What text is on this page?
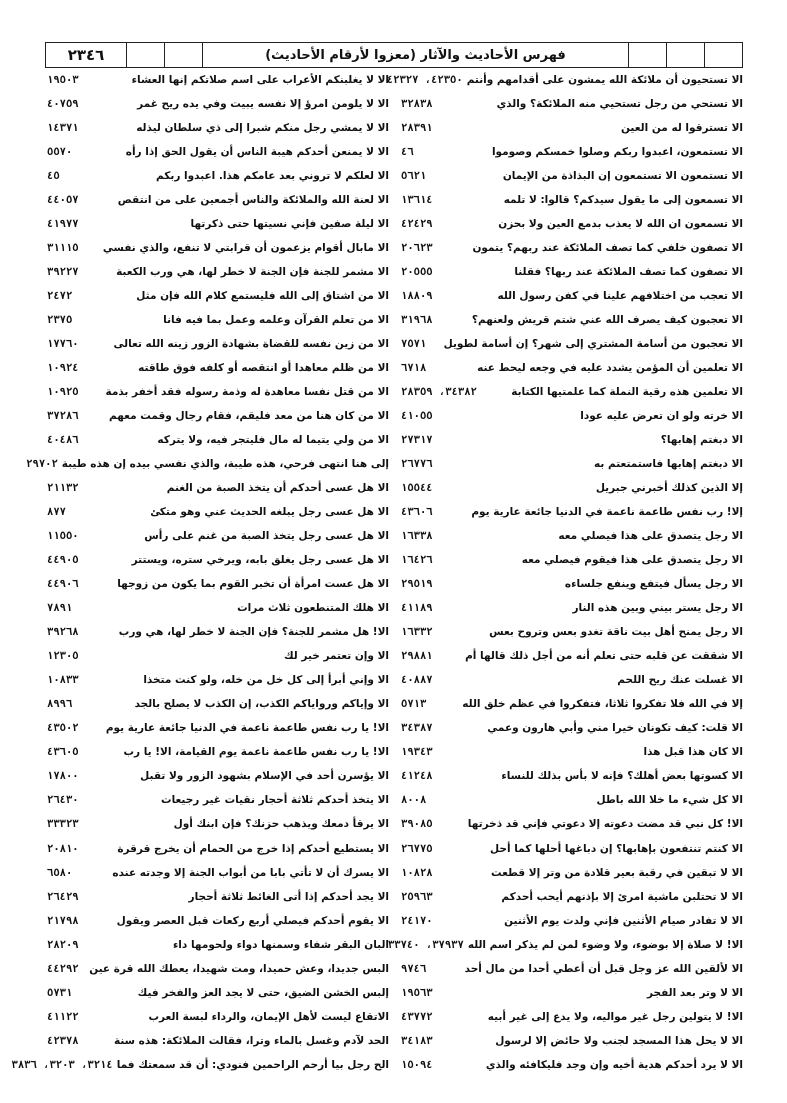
٢٣٤٦	فهرس الأحاديث والآثار (معزوا لأرقام الأحاديث)
الا تستحيون أن ملائكة الله يمشون على أقدامهم وأنتم
٤٢٣٥٠، ٤٢٣٢٧
الا تستحي من رجل تستحيي منه الملائكة؟ والذي
٣٢٨٣٨
الا تسترقوا له من العين
٢٨٣٩١
الا تستمعون، اعبدوا ربكم وصلوا خمسكم وصوموا
٤٦
الا تستمعون الا تستمعون إن البذاذة من الإيمان
٥٦٢١
الا تسمعون إلى ما يقول سيدكم؟ قالوا: لا تلمه
١٣٦١٤
الا تسمعون ان الله لا يعذب بدمع العين ولا بحزن
٤٢٤٢٩
الا تصفون خلفي كما تصف الملائكة عند ربهم؟ يتمون
٢٠٦٢٣
الا تصفون كما تصف الملائكة عند ربها؟ فقلنا
٢٠٥٥٥
الا تعجب من اختلافهم علينا في كفن رسول الله
١٨٨٠٩
الا تعجبون كيف يصرف الله عني شتم قريش ولعنهم؟
٣١٩٦٨
الا تعجبون من أسامة المشتري إلى شهر؟ إن أسامة لطويل
٧٥٧١
الا تعلمين أن المؤمن يشدد عليه في وجعه ليحط عنه
٦٧١٨
الا تعلمين هذه رقية النملة كما علمتيها الكتابة
٣٤٣٨٢، ٢٨٣٥٩
الا خرته ولو ان تعرض عليه عودا
٤١٠٥٥
الا دبغتم إهابها؟
٢٧٣١٧
الا دبغتم إهابها فاستمتعتم به
٢٦٧٧٦
إلا الذين كذلك أخبرني جبريل
١٥٥٤٤
إلا! رب نفس طاعمة ناعمة في الدنيا جائعة عارية يوم
٤٣٦٠٦
الا رجل يتصدق على هذا فيصلي معه
١٦٣٣٨
الا رجل يتصدق على هذا فيقوم فيصلي معه
١٦٤٢٦
الا رجل يسأل فيتفع وينفع جلساءه
٢٩٥١٩
الا رجل يستر بيني وبين هذه النار
٤١١٨٩
الا رجل يمنح أهل بيت ناقة تغدو بعس وتروح بعس
١٦٣٣٢
الا شققت عن قلبه حتى تعلم أنه من أجل ذلك قالها أم
٢٩٨٨١
الا غسلت عنك ريح اللحم
٤٠٨٨٧
إلا في الله فلا تفكروا ثلاثا، فتفكروا في عظم خلق الله
٥٧١٣
الا قلت: كيف تكونان خيرا مني وأبي هارون وعمي
٣٤٣٨٧
الا كان هذا قبل هذا
١٩٣٤٣
الا كسوتها بعض أهلك؟ فإنه لا بأس بذلك للنساء
٤١٢٤٨
الا كل شيء ما خلا الله باطل
٨٠٠٨
الا! كل نبي قد مضت دعوته إلا دعوتي فإني قد ذخرتها
٣٩٠٨٥
الا كنتم تنتفعون بإهابها؟ إن دباغها أحلها كما أحل
٢٦٧٧٥
الا لا تبقين في رقبة بعير قلادة من وتر إلا قطعت
١٠٨٢٨
الا لا تحتلبن ماشية امرئ إلا بإذنهم أيحب أحدكم
٢٥٩٦٣
الا لا تفادر صيام الأثنين فإني ولدت يوم الأثنين
٢٤١٧٠
الا! لا صلاة إلا بوضوء، ولا وضوء لمن لم يذكر اسم الله
٣٧٩٣٧، ٣٣٧٤٠
الا لألقين الله عز وجل قبل أن أعطي أحدا من مال أحد
٩٧٤٦
الا لا وتر بعد الفجر
١٩٥٦٣
الا! لا يتولين رجل غير مواليه، ولا يدع إلى غير أبيه
٤٣٧٧٢
الا لا يحل هذا المسجد لجنب ولا حائض إلا لرسول
٣٤١٨٣
الا لا يرد أحدكم هدية أخيه وإن وجد فليكافئه والذي
١٥٠٩٤
الا لا يغلبنكم الأعراب على اسم صلاتكم إنها العشاء
١٩٥٠٣
الا لا يلومن امرؤ إلا نفسه يبيت وفي يده ريح غمر
٤٠٧٥٩
الا لا يمشي رجل منكم شبرا إلى ذي سلطان ليذله
١٤٣٧١
الا لا يمنعن أحدكم هيبة الناس أن يقول الحق إذا رأه
٥٥٧٠
الا لعلكم لا تروني بعد عامكم هذا. اعبدوا ربكم
٤٥
الا لعنة الله والملائكة والناس أجمعين على من انتقص
٤٤٠٥٧
الا ليلة صفين فإني نسيتها حتى ذكرتها
٤١٩٧٧
الا مابال أقوام يزعمون أن قرابتي لا تنفع، والذي نفسي
٣١١١٥
الا مشمر للجنة فإن الجنة لا خطر لها، هي ورب الكعبة
٣٩٢٢٧
الا من اشتاق إلى الله فليستمع كلام الله فإن مثل
٢٤٧٢
الا من تعلم القرآن وعلمه وعمل بما فيه فانا
٢٣٧٥
الا من زين نفسه للقضاة بشهادة الزور زينه الله تعالى
١٧٧٦٠
الا من ظلم معاهدا أو انتقصه أو كلفه فوق طاقته
١٠٩٢٤
الا من قتل نفسا معاهدة له وذمة رسوله فقد أخفر بذمة
١٠٩٢٥
الا من كان هنا من معد فليقم، فقام رجال وقمت معهم
٣٧٢٨٦
الا من ولي يتيما له مال فليتجر فيه، ولا يتركه
٤٠٤٨٦
إلى هنا انتهى فرحي، هذه طيبة، والذي نفسي بيده إن هذه طيبة
٢٩٧٠٢
الا هل عسى أحدكم أن يتخذ الصبة من الغنم
٢١١٣٢
الا هل عسى رجل يبلغه الحديث عني وهو متكئ
٨٧٧
الا هل عسى رجل يتخذ الصبة من غنم على رأس
١١٥٥٠
الا هل عسى رجل يغلق بابه، ويرخي ستره، ويستتر
٤٤٩٠٥
الا هل عست امرأة أن تخبر القوم بما يكون من زوجها
٤٤٩٠٦
الا هلك المتنطعون ثلاث مرات
٧٨٩١
الا! هل مشمر للجنة؟ فإن الجنة لا خطر لها، هي ورب
٣٩٢٦٨
الا وإن تعتمر خير لك
١٢٣٠٥
الا وإني أبرأ إلى كل خل من خله، ولو كنت متخذا
١٠٨٣٣
الا وإياكم ورواياكم الكذب، إن الكذب لا يصلح بالجد
٨٩٩٦
الا! يا رب نفس طاعمة ناعمة في الدنيا جائعة عارية يوم
٤٣٥٠٢
الا! يا رب نفس طاعمة ناعمة يوم القيامة، الا! يا رب
٤٣٦٠٥
الا يؤسرن أحد في الإسلام بشهود الزور ولا تقبل
١٧٨٠٠
الا يتخذ أحدكم ثلاثة أحجار نقيات غير رجيعات
٢٦٤٣٠
الا يرقأ دمعك ويذهب حزنك؟ فإن ابنك أول
٣٣٣٢٣
الا يستطيع أحدكم إذا خرج من الحمام أن يخرج قرقرة
٢٠٨١٠
الا يسرك أن لا تأتي بابا من أبواب الجنة إلا وجدته عنده
٦٥٨٠
الا يجد أحدكم إذا أتى الغائط ثلاثة أحجار
٢٦٤٢٩
الا يقوم أحدكم فيصلي أربع ركعات قبل العصر ويقول
٢١٧٩٨
البان البقر شفاء وسمنها دواء ولحومها داء
٢٨٢٠٩
البس جديدا، وعش حميدا، ومت شهيدا، يعطك الله قرة عين
٤٤٢٩٢
إلبس الخشن الضيق، حتى لا يجد العز والفخر فيك
٥٧٣١
الاتقاع ليست لأهل الإيمان، والرداء لبسة العرب
٤١١٢٢
الحد لآدم وغسل بالماء وترا، فقالت الملائكة: هذه سنة
٤٢٣٧٨
الح رجل بيا أرحم الراحمين فنودي: أن قد سمعتك فما
٣٢١٤، ٣٢٠٣، ٣٨٣٦
